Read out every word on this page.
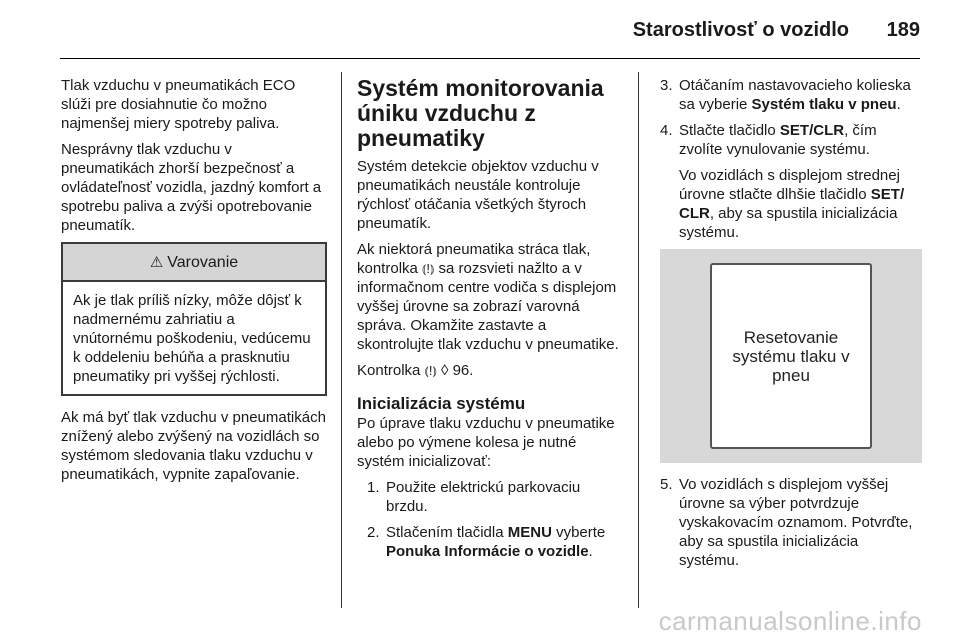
Starostlivosť o vozidlo 189

Tlak vzduchu v pneumatikách ECO slúži pre dosiahnutie čo možno najmenšej miery spotreby paliva.

Nesprávny tlak vzduchu v pneumatikách zhorší bezpečnosť a ovládateľnosť vozidla, jazdný komfort a spotrebu paliva a zvýši opotrebovanie pneumatík.

⚠ Varovanie
Ak je tlak príliš nízky, môže dôjsť k nadmernému zahriatiu a vnútornému poškodeniu, vedúcemu k oddeleniu behúňa a prasknutiu pneumatiky pri vyššej rýchlosti.

Ak má byť tlak vzduchu v pneumatikách znížený alebo zvýšený na vozidlách so systémom sledovania tlaku vzduchu v pneumatikách, vypnite zapaľovanie.

Systém monitorovania úniku vzduchu z pneumatiky

Systém detekcie objektov vzduchu v pneumatikách neustále kontroluje rýchlosť otáčania všetkých štyroch pneumatík.

Ak niektorá pneumatika stráca tlak, kontrolka ⦅!⦆ sa rozsvieti nažlto a v informačnom centre vodiča s displejom vyššej úrovne sa zobrazí varovná správa. Okamžite zastavte a skontrolujte tlak vzduchu v pneumatike.

Kontrolka ⦅!⦆ ◊ 96.

Inicializácia systému

Po úprave tlaku vzduchu v pneumatike alebo po výmene kolesa je nutné systém inicializovať:

1. Použite elektrickú parkovaciu brzdu.
2. Stlačením tlačidla MENU vyberte Ponuka Informácie o vozidle.
3. Otáčaním nastavovacieho kolieska sa vyberie Systém tlaku v pneu.
4. Stlačte tlačidlo SET/CLR, čím zvolíte vynulovanie systému.

Vo vozidlách s displejom strednej úrovne stlačte dlhšie tlačidlo SET/ CLR, aby sa spustila inicializácia systému.

Resetovanie systému tlaku v pneu
5. Vo vozidlách s displejom vyššej úrovne sa výber potvrdzuje vyskakovacím oznamom. Potvrďte, aby sa spustila inicializácia systému.
carmanualsonline.info
